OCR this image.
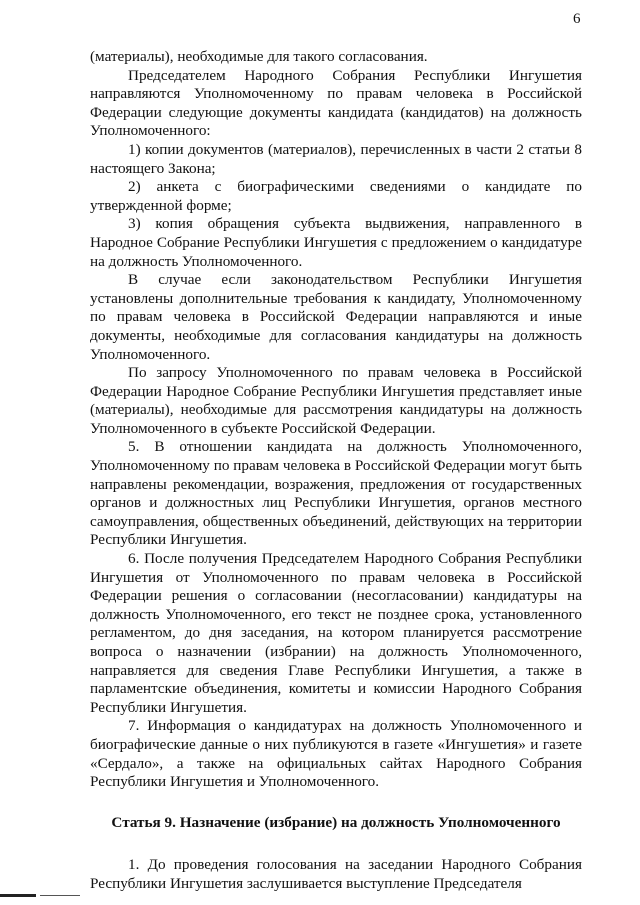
6

(материалы), необходимые для такого согласования.

Председателем Народного Собрания Республики Ингушетия направляются Уполномоченному по правам человека в Российской Федерации следующие документы кандидата (кандидатов) на должность Уполномоченного:

1) копии документов (материалов), перечисленных в части 2 статьи 8 настоящего Закона;

2) анкета с биографическими сведениями о кандидате по утвержденной форме;

3) копия обращения субъекта выдвижения, направленного в Народное Собрание Республики Ингушетия с предложением о кандидатуре на должность Уполномоченного.

В случае если законодательством Республики Ингушетия установлены дополнительные требования к кандидату, Уполномоченному по правам человека в Российской Федерации направляются и иные документы, необходимые для согласования кандидатуры на должность Уполномоченного.

По запросу Уполномоченного по правам человека в Российской Федерации Народное Собрание Республики Ингушетия представляет иные (материалы), необходимые для рассмотрения кандидатуры на должность Уполномоченного в субъекте Российской Федерации.

5. В отношении кандидата на должность Уполномоченного, Уполномоченному по правам человека в Российской Федерации могут быть направлены рекомендации, возражения, предложения от государственных органов и должностных лиц Республики Ингушетия, органов местного самоуправления, общественных объединений, действующих на территории Республики Ингушетия.

6. После получения Председателем Народного Собрания Республики Ингушетия от Уполномоченного по правам человека в Российской Федерации решения о согласовании (несогласовании) кандидатуры на должность Уполномоченного, его текст не позднее срока, установленного регламентом, до дня заседания, на котором планируется рассмотрение вопроса о назначении (избрании) на должность Уполномоченного, направляется для сведения Главе Республики Ингушетия, а также в парламентские объединения, комитеты и комиссии Народного Собрания Республики Ингушетия.

7. Информация о кандидатурах на должность Уполномоченного и биографические данные о них публикуются в газете «Ингушетия» и газете «Сердало», а также на официальных сайтах Народного Собрания Республики Ингушетия и Уполномоченного.

Статья 9. Назначение (избрание) на должность Уполномоченного

1. До проведения голосования на заседании Народного Собрания Республики Ингушетия заслушивается выступление Председателя
